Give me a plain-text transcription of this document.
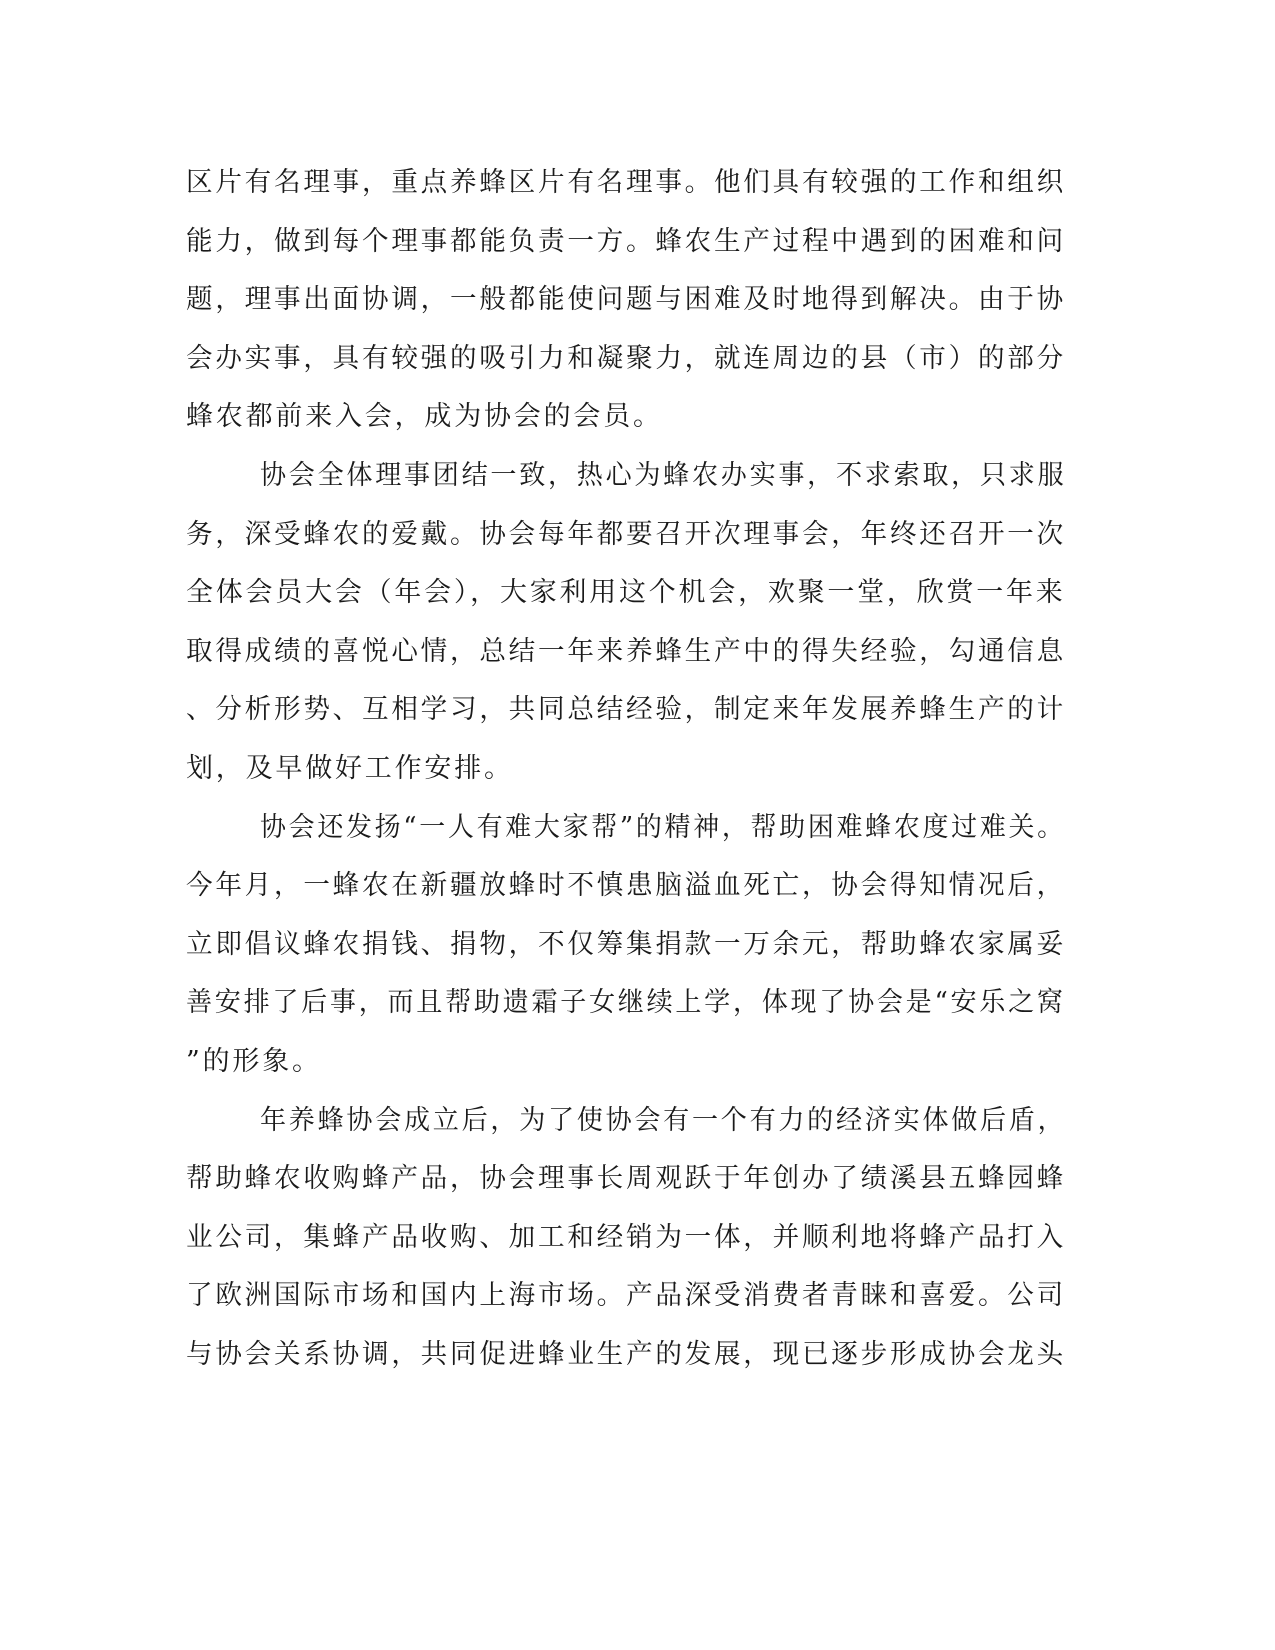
区片有名理事，重点养蜂区片有名理事。他们具有较强的工作和组织
能力，做到每个理事都能负责一方。蜂农生产过程中遇到的困难和问
题，理事出面协调，一般都能使问题与困难及时地得到解决。由于协
会办实事，具有较强的吸引力和凝聚力，就连周边的县（市）的部分
蜂农都前来入会，成为协会的会员。
协会全体理事团结一致，热心为蜂农办实事，不求索取，只求服
务，深受蜂农的爱戴。协会每年都要召开次理事会，年终还召开一次
全体会员大会（年会），大家利用这个机会，欢聚一堂，欣赏一年来
取得成绩的喜悦心情，总结一年来养蜂生产中的得失经验，勾通信息
、分析形势、互相学习，共同总结经验，制定来年发展养蜂生产的计
划，及早做好工作安排。
协会还发扬“一人有难大家帮”的精神，帮助困难蜂农度过难关。
今年月，一蜂农在新疆放蜂时不慎患脑溢血死亡，协会得知情况后，
立即倡议蜂农捐钱、捐物，不仅筹集捐款一万余元，帮助蜂农家属妥
善安排了后事，而且帮助遗霜子女继续上学，体现了协会是“安乐之窝
”的形象。
年养蜂协会成立后，为了使协会有一个有力的经济实体做后盾，
帮助蜂农收购蜂产品，协会理事长周观跃于年创办了绩溪县五蜂园蜂
业公司，集蜂产品收购、加工和经销为一体，并顺利地将蜂产品打入
了欧洲国际市场和国内上海市场。产品深受消费者青睐和喜爱。公司
与协会关系协调，共同促进蜂业生产的发展，现已逐步形成协会龙头
